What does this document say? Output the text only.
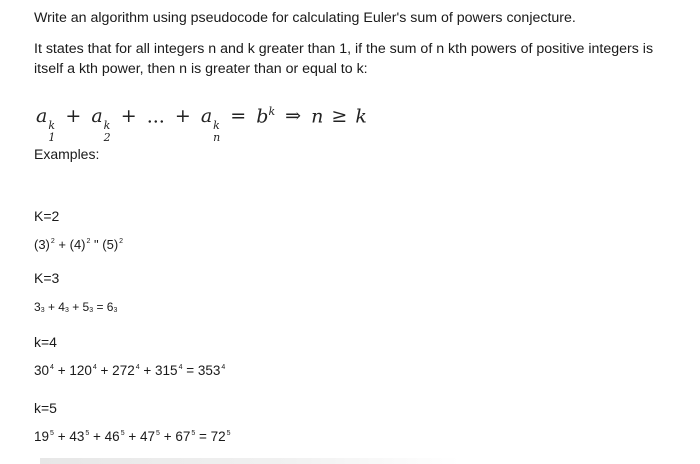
Write an algorithm using pseudocode for calculating Euler's sum of powers conjecture.
It states that for all integers n and k greater than 1, if the sum of n kth powers of positive integers is
itself a kth power, then n is greater than or equal to k:
a k
1
+ a k
2
+ ... + a k
n
= $b^k$ ⇒ n ≥ k
Examples:
K=2
$(3)^2 + (4)^2$ " $(5)^2$
K=3
33 + 43 + 53 = 63
k=4
$30^4 + 120^4 + 272^4 + 315^4 = 353^4$
k=5
$19^5 + 43^5 + 46^5 + 47^5 + 67^5 = 72^5$
